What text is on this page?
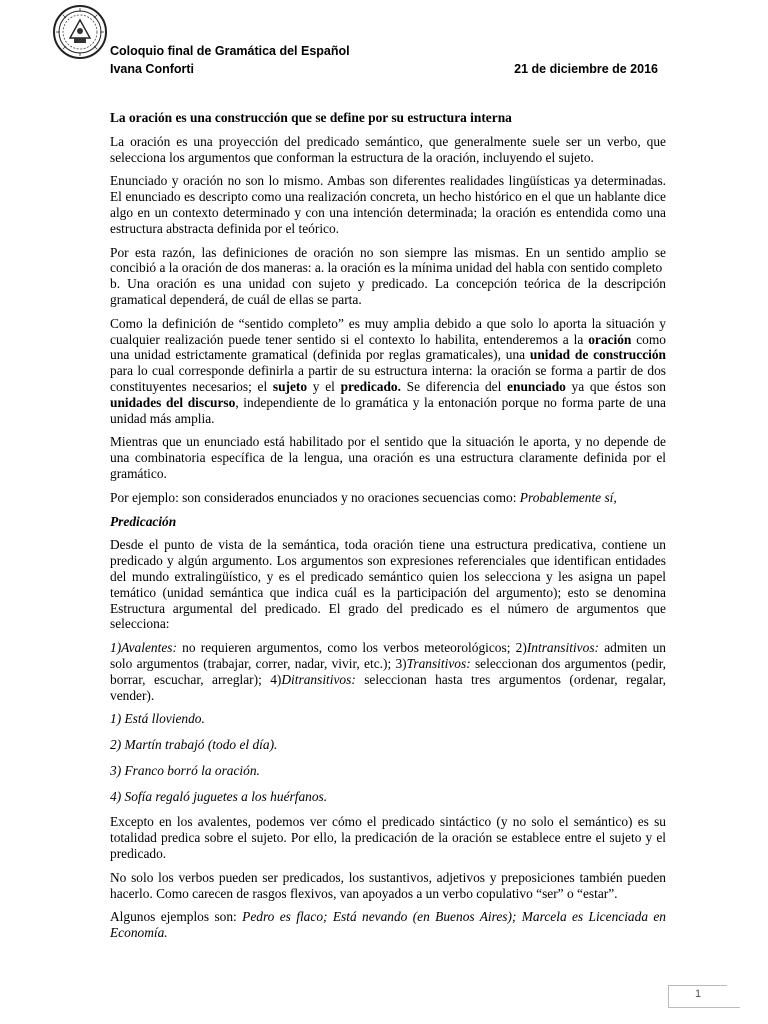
Coloquio final de Gramática del Español
Ivana Conforti	21 de diciembre de 2016

La oración es una construcción que se define por su estructura interna

La oración es una proyección del predicado semántico, que generalmente suele ser un verbo, que selecciona los argumentos que conforman la estructura de la oración, incluyendo el sujeto.

Enunciado y oración no son lo mismo. Ambas son diferentes realidades lingüísticas ya determinadas. El enunciado es descripto como una realización concreta, un hecho histórico en el que un hablante dice algo en un contexto determinado y con una intención determinada; la oración es entendida como una estructura abstracta definida por el teórico.

Por esta razón, las definiciones de oración no son siempre las mismas. En un sentido amplio se concibió a la oración de dos maneras: a. la oración es la mínima unidad del habla con sentido completo
b. Una oración es una unidad con sujeto y predicado. La concepción teórica de la descripción gramatical dependerá, de cuál de ellas se parta.

Como la definición de “sentido completo” es muy amplia debido a que solo lo aporta la situación y cualquier realización puede tener sentido si el contexto lo habilita, entenderemos a la oración como una unidad estrictamente gramatical (definida por reglas gramaticales), una unidad de construcción para lo cual corresponde definirla a partir de su estructura interna: la oración se forma a partir de dos constituyentes necesarios; el sujeto y el predicado. Se diferencia del enunciado ya que éstos son unidades del discurso, independiente de lo gramática y la entonación porque no forma parte de una unidad más amplia.

Mientras que un enunciado está habilitado por el sentido que la situación le aporta, y no depende de una combinatoria específica de la lengua, una oración es una estructura claramente definida por el gramático.

Por ejemplo: son considerados enunciados y no oraciones secuencias como: Probablemente sí,

Predicación

Desde el punto de vista de la semántica, toda oración tiene una estructura predicativa, contiene un predicado y algún argumento. Los argumentos son expresiones referenciales que identifican entidades del mundo extralingüístico, y es el predicado semántico quien los selecciona y les asigna un papel temático (unidad semántica que indica cuál es la participación del argumento); esto se denomina Estructura argumental del predicado. El grado del predicado es el número de argumentos que selecciona:

1)Avalentes: no requieren argumentos, como los verbos meteorológicos; 2)Intransitivos: admiten un solo argumentos (trabajar, correr, nadar, vivir, etc.); 3)Transitivos: seleccionan dos argumentos (pedir, borrar, escuchar, arreglar); 4)Ditransitivos: seleccionan hasta tres argumentos (ordenar, regalar, vender).

1) Está lloviendo.

2) Martín trabajó (todo el día).

3) Franco borró la oración.

4) Sofía regaló juguetes a los huérfanos.

Excepto en los avalentes, podemos ver cómo el predicado sintáctico (y no solo el semántico) es su totalidad predica sobre el sujeto. Por ello, la predicación de la oración se establece entre el sujeto y el predicado.

No solo los verbos pueden ser predicados, los sustantivos, adjetivos y preposiciones también pueden hacerlo. Como carecen de rasgos flexivos, van apoyados a un verbo copulativo “ser” o “estar”.

Algunos ejemplos son: Pedro es flaco; Está nevando (en Buenos Aires); Marcela es Licenciada en Economía.

1
